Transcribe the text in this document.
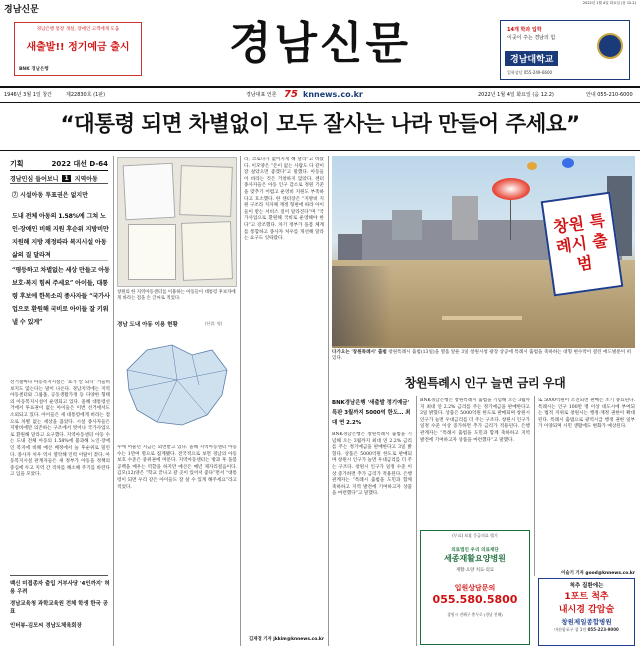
경남신문
2022년 1월 4일 화요일 (음 12.2)
경남은행 통장 개설, 장애인 고객에게 도움
새출발!! 정기예금 출시
BNK 경남은행
경남신문	14개 학과 입학
이곳이 주는 경남의 힘
경남대학교
입학상담 055-249-6600
1946년 3월 1일 창간	제22830호 (1판)	경남대표 언론 75 knnews.co.kr	2022년 1월 4일 화요일 (음 12.2)	안내 055-210-6000
“대통령 되면 차별없이 모두 잘사는 나라 만들어 주세요”
기획	2022 대선 D-64
경남민심 들어보니	1	지역아동
⑦ 시설아동 투표권은 없지만
도내 전체 아동의 1.58%에 그쳐 노인·장애인 비해 지원 후순위 지방비만 지원해 지방 재정따라 복지시설 아동 삶의 질 달라져
“평등하고 차별없는 세상 만들고 아동 보호·복지 힘써 주세요” 아이들, 대통령 후보에 한목소리 종사자들 “국가사업으로 환원해 국비로 아이들 잘 키워낼 수 있게”

선거철마다 아동복지시설은 ‘표가 안 되니’ 거들떠보지도 않는다는 말이 나온다. 경남지역에는 지역아동센터와 그룹홈, 공동생활가정 등 다양한 형태의 아동복지시설이 운영되고 있다. 올해 대통령선거에서 투표권이 없는 아이들은 이번 선거에서도 소외되고 있다. 아이들은 새 대통령에게 바라는 점으로 차별 없는 세상을 꼽았다. 시설 종사자들은 지방비에만 의존하는 구조에서 벗어나 국가사업으로 환원해 달라고 요구했다. 지역아동센터 아동 수는 도내 전체 아동의 1.58%에 불과해 노인·장애인 복지에 비해 예산 배정에서 늘 후순위로 밀린다. 종사자 처우 역시 열악해 인력 이탈이 잦다. 아동복지시설 관계자들은 새 정부가 아동을 정책의 중심에 두고 지역 간 격차를 해소해 주기를 바란다고 입을 모았다.

백신 미접종자 출입 거부사당 '4인까지' 허용 우려
경남교육청 과학교육원 전체 학생 한국 공표
인터뷰-김모씨 경남도체육회장
창원의 한 지역아동센터를 이용하는 아동들이 대통령 후보자에게 바라는 점을 손 글씨로 적었다.
경남 도내 아동 이용 현황	(단위: 명)

우에 머물던 지금은 외면받고 있다. 올해 지역아동센터 아동 수는 1만여 명으로 집계됐다. 전국적으로 보면 경남의 아동 보호 수준은 중위권에 머문다. 지역아동센터는 방과 후 돌봄 공백을 메우는 역할을 하지만 예산은 매년 제자리걸음이다. 김모(12)양은 “학교 끝나고 갈 곳이 있어서 좋다”면서 “대통령이 되면 우리 같은 아이들도 잘 살 수 있게 해주세요”라고 적었다.

라, 코로나가 없어지게 해 달라”고 바랐다. 이모양은 “돈이 없는 사람도 다 같이 잘 살았으면 좋겠다”고 말했다. 아동들이 바라는 것은 거창하지 않았다. 센터 종사자들은 아동 인구 감소로 정원 기준을 맞추기 어렵고 운영비 지원도 부족하다고 호소했다. 한 센터장은 “지방비 지원 구조라 지자체 재정 형편에 따라 아이들이 받는 서비스 질이 달라진다”며 “국가사업으로 환원해 국비로 운영해야 한다”고 강조했다. 차기 정부가 돌봄 체계를 통합하고 종사자 처우를 개선해 달라는 요구도 잇따랐다.

김재경 기자 jkkim@knnews.co.kr
창원 특례시 출범
다가오는 '창원특례시' 출범 창원특례시 출범(13일)을 열흘 앞둔 3일 창원시청 광장 상공에 특례시 출범을 축하하는 대형 현수막이 걸린 애드벌룬이 떠 있다.
창원특례시 인구 늘면 금리 우대
BNK경남은행 '새출발 정기예금' 특판 3월까지 5000억 한도… 최대 연 2.2%

BNK경남은행은 창원특례시 출범을 기념해 오는 3월까지 최대 연 2.2% 금리를 주는 정기예금을 판매한다고 3일 밝혔다. 상품은 5000억원 한도로 판매되며 창원시 인구가 늘면 우대금리를 더 주는 구조다. 창원시 인구가 일정 수준 이상 증가하면 추가 금리가 적용된다. 은행 관계자는 “특례시 출범을 도민과 함께 축하하고 지역 발전에 기여하고자 상품을 마련했다”고 말했다.

BNK경남은행은 창원특례시 출범을 기념해 오는 3월까지 최대 연 2.2% 금리를 주는 정기예금을 판매한다고 3일 밝혔다. 상품은 5000억원 한도로 판매되며 창원시 인구가 늘면 우대금리를 더 주는 구조다. 창원시 인구가 일정 수준 이상 증가하면 추가 금리가 적용된다. 은행 관계자는 “특례시 출범을 도민과 함께 축하하고 지역 발전에 기여하고자 상품을 마련했다”고 말했다.

또 5000억원이 소진되면 판매는 조기 종료된다. 특례시는 인구 100만 명 이상 대도시에 부여되는 법적 지위로 창원시는 행정·재정 권한이 확대된다. 특례시 출범으로 광역시급 행정 권한 일부가 이양되며 시민 생활에도 변화가 예상된다.

이슬기 기자 good@knnews.co.kr
(무료) 보훈 응급의료 헬기
의료법인 우리 의료재단
세종재활요양병원
재활·요양 치료·의료
입원상담문의
055.580.5800
창원시 진해구 충무로 (경남 진해)
척추 질환에는
1포트 척추
내시경 감압술
창원제일종합병원
마산합포구 창 1인 055-223-9000
